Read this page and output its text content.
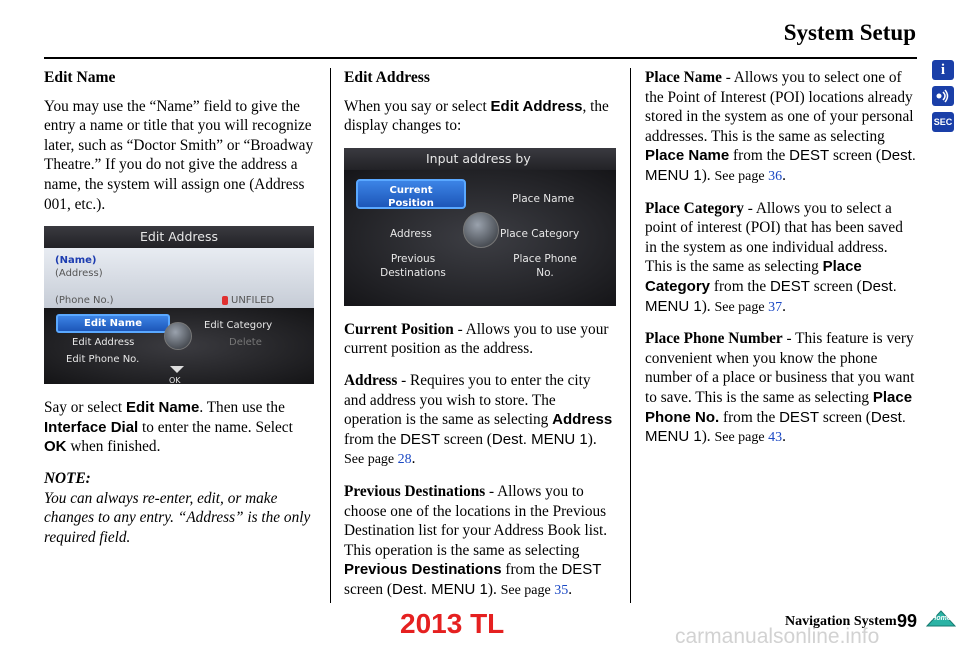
System Setup
i
SEC
Edit Name

You may use the “Name” field to give the entry a name or title that you will recognize later, such as “Doctor Smith” or “Broadway Theatre.” If you do not give the address a name, the system will assign one (Address 001, etc.).

Edit Address
(Name)
(Address)
(Phone No.)	UNFILED
Edit Name	Edit Category
Edit Address	Delete
Edit Phone No.
OK

Say or select Edit Name. Then use the Interface Dial to enter the name. Select OK when finished.

NOTE:

You can always re-enter, edit, or make changes to any entry. “Address” is the only required field.

Edit Address

When you say or select Edit Address, the display changes to:

Input address by
Current Position	Place Name
Address	Place Category
Previous Destinations
Place Phone No.

Current Position - Allows you to use your current position as the address.

Address - Requires you to enter the city and address you wish to store. The operation is the same as selecting Address from the DEST screen (Dest. MENU 1). See page 28.

Previous Destinations - Allows you to choose one of the locations in the Previous Destination list for your Address Book list. This operation is the same as selecting Previous Destinations from the DEST screen (Dest. MENU 1). See page 35.

Place Name - Allows you to select one of the Point of Interest (POI) locations already stored in the system as one of your personal addresses. This is the same as selecting Place Name from the DEST screen (Dest. MENU 1). See page 36.

Place Category - Allows you to select a point of interest (POI) that has been saved in the system as one individual address. This is the same as selecting Place Category from the DEST screen (Dest. MENU 1). See page 37.

Place Phone Number - This feature is very convenient when you know the phone number of a place or business that you want to save. This is the same as selecting Place Phone No. from the DEST screen (Dest. MENU 1). See page 43.

2013 TL	Navigation System 99
carmanualsonline.info
Home
